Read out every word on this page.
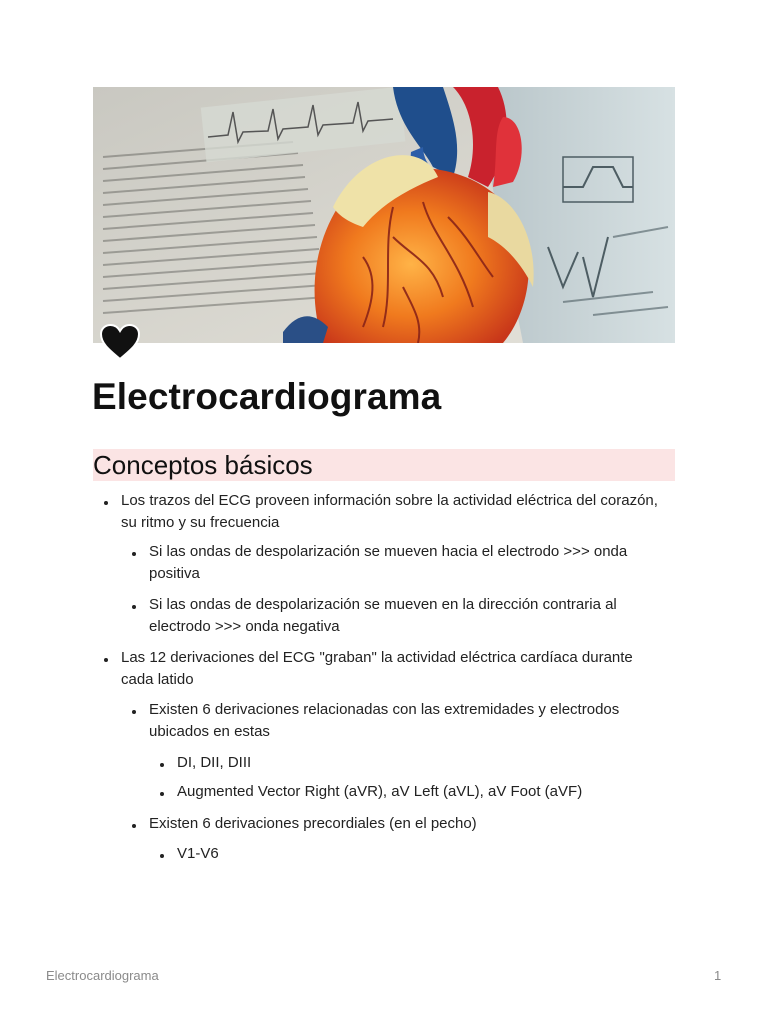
Electrocardiograma
Conceptos básicos
Los trazos del ECG proveen información sobre la actividad eléctrica del corazón, su ritmo y su frecuencia
Si las ondas de despolarización se mueven hacia el electrodo >>> onda positiva
Si las ondas de despolarización se mueven en la dirección contraria al electrodo >>> onda negativa
Las 12 derivaciones del ECG "graban" la actividad eléctrica cardíaca durante cada latido
Existen 6 derivaciones relacionadas con las extremidades y electrodos ubicados en estas
DI, DII, DIII
Augmented Vector Right (aVR), aV Left (aVL), aV Foot (aVF)
Existen 6 derivaciones precordiales (en el pecho)
V1-V6
Electrocardiograma	1
